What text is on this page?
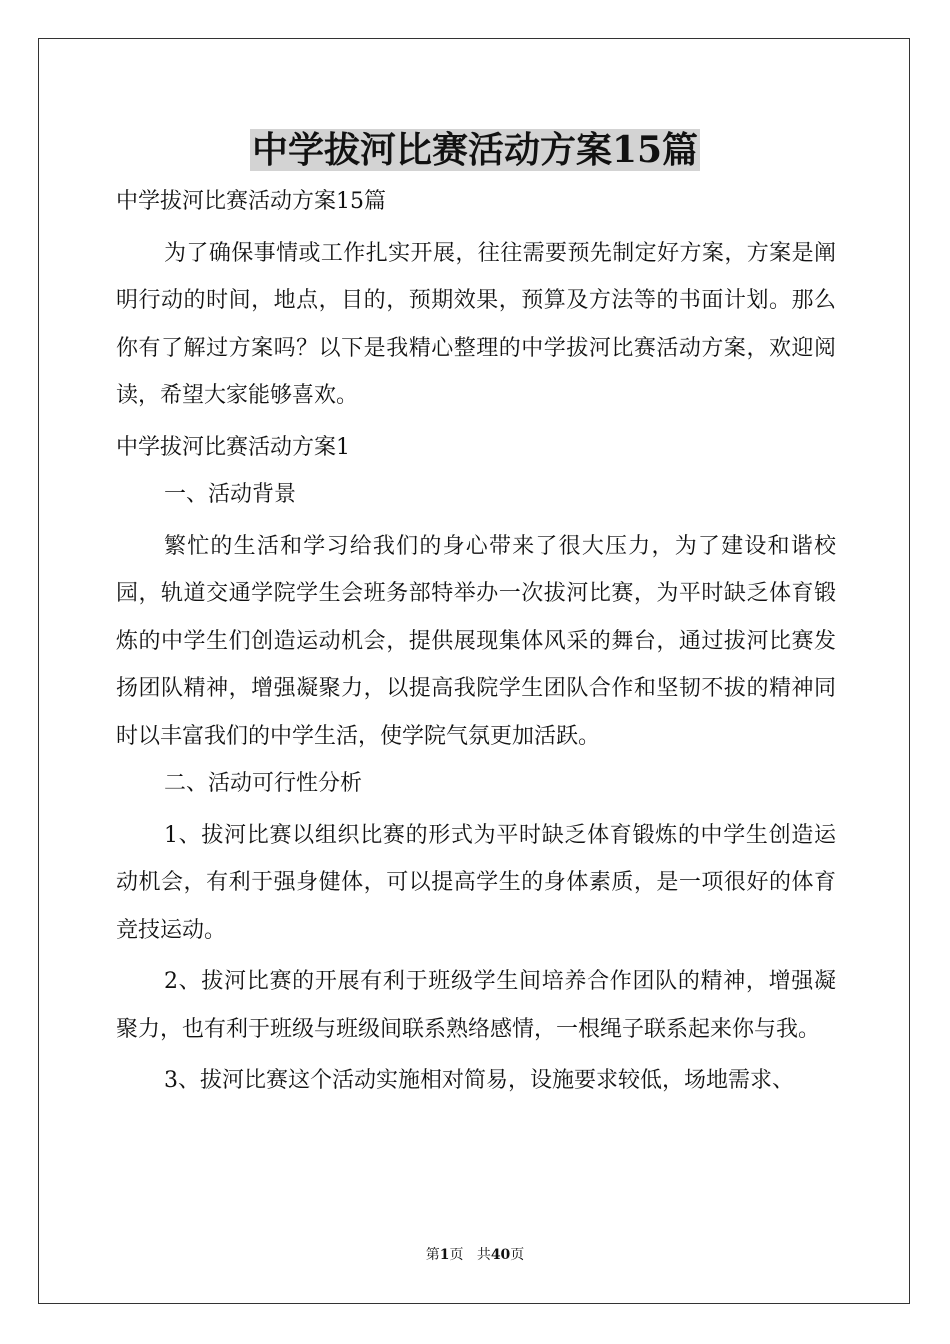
中学拔河比赛活动方案15篇

中学拔河比赛活动方案15篇

为了确保事情或工作扎实开展，往往需要预先制定好方案，方案是阐明行动的时间，地点，目的，预期效果，预算及方法等的书面计划。那么你有了解过方案吗？以下是我精心整理的中学拔河比赛活动方案，欢迎阅读，希望大家能够喜欢。

中学拔河比赛活动方案1

一、活动背景

繁忙的生活和学习给我们的身心带来了很大压力，为了建设和谐校园，轨道交通学院学生会班务部特举办一次拔河比赛，为平时缺乏体育锻炼的中学生们创造运动机会，提供展现集体风采的舞台，通过拔河比赛发扬团队精神，增强凝聚力，以提高我院学生团队合作和坚韧不拔的精神同时以丰富我们的中学生活，使学院气氛更加活跃。

二、活动可行性分析

1、拔河比赛以组织比赛的形式为平时缺乏体育锻炼的中学生创造运动机会，有利于强身健体，可以提高学生的身体素质，是一项很好的体育竞技运动。

2、拔河比赛的开展有利于班级学生间培养合作团队的精神，增强凝聚力，也有利于班级与班级间联系熟络感情，一根绳子联系起来你与我。

3、拔河比赛这个活动实施相对简易，设施要求较低，场地需求、

第1页 共40页
